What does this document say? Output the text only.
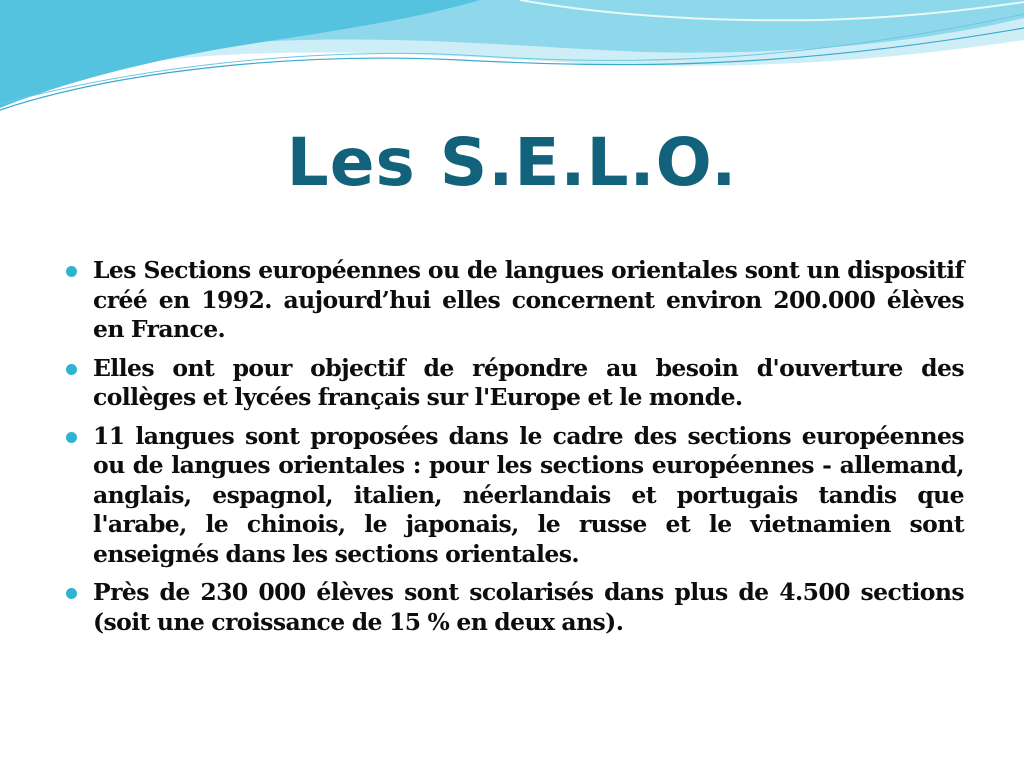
Les S.E.L.O.
Les Sections européennes ou de langues orientales sont un dispositif créé en 1992. aujourd’hui elles concernent environ 200.000 élèves en France.
Elles ont pour objectif de répondre au besoin d'ouverture des collèges et lycées français sur l'Europe et le monde.
11 langues sont proposées dans le cadre des sections européennes ou de langues orientales : pour les sections européennes - allemand, anglais, espagnol, italien, néerlandais et portugais tandis que l'arabe, le chinois, le japonais, le russe et le vietnamien sont enseignés dans les sections orientales.
Près de 230 000 élèves sont scolarisés dans plus de 4.500 sections (soit une croissance de 15 % en deux ans).
